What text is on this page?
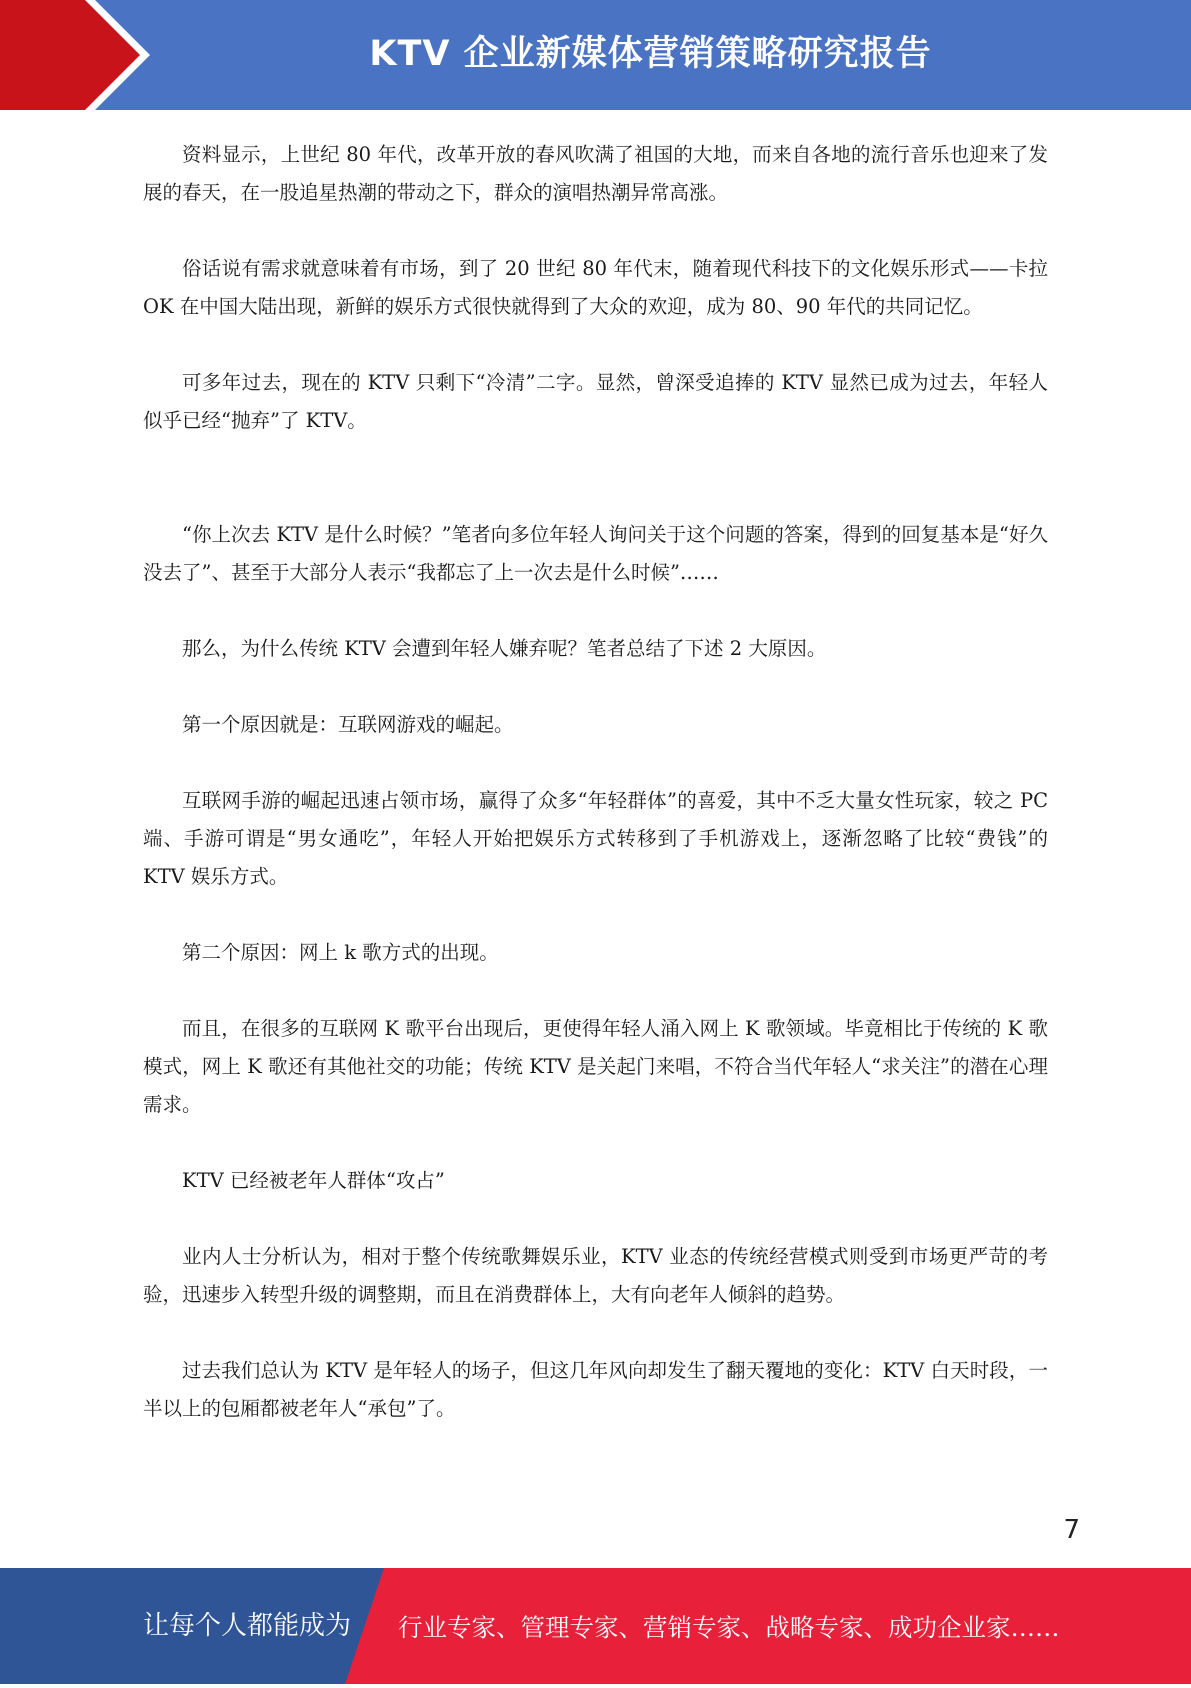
KTV 企业新媒体营销策略研究报告

资料显示，上世纪 80 年代，改革开放的春风吹满了祖国的大地，而来自各地的流行音乐也迎来了发展的春天，在一股追星热潮的带动之下，群众的演唱热潮异常高涨。

俗话说有需求就意味着有市场，到了 20 世纪 80 年代末，随着现代科技下的文化娱乐形式——卡拉 OK 在中国大陆出现，新鲜的娱乐方式很快就得到了大众的欢迎，成为 80、90 年代的共同记忆。

可多年过去，现在的 KTV 只剩下“冷清”二字。显然，曾深受追捧的 KTV 显然已成为过去，年轻人似乎已经“抛弃”了 KTV。

“你上次去 KTV 是什么时候？”笔者向多位年轻人询问关于这个问题的答案，得到的回复基本是“好久没去了”、甚至于大部分人表示“我都忘了上一次去是什么时候”……

那么，为什么传统 KTV 会遭到年轻人嫌弃呢？笔者总结了下述 2 大原因。

第一个原因就是：互联网游戏的崛起。

互联网手游的崛起迅速占领市场，赢得了众多“年轻群体”的喜爱，其中不乏大量女性玩家，较之 PC 端、手游可谓是“男女通吃”，年轻人开始把娱乐方式转移到了手机游戏上，逐渐忽略了比较“费钱”的 KTV 娱乐方式。

第二个原因：网上 k 歌方式的出现。

而且，在很多的互联网 K 歌平台出现后，更使得年轻人涌入网上 K 歌领域。毕竟相比于传统的 K 歌模式，网上 K 歌还有其他社交的功能；传统 KTV 是关起门来唱，不符合当代年轻人“求关注”的潜在心理需求。

KTV 已经被老年人群体“攻占”

业内人士分析认为，相对于整个传统歌舞娱乐业，KTV 业态的传统经营模式则受到市场更严苛的考验，迅速步入转型升级的调整期，而且在消费群体上，大有向老年人倾斜的趋势。

过去我们总认为 KTV 是年轻人的场子，但这几年风向却发生了翻天覆地的变化：KTV 白天时段，一半以上的包厢都被老年人“承包”了。

7
让每个人都能成为 行业专家、管理专家、营销专家、战略专家、成功企业家……
